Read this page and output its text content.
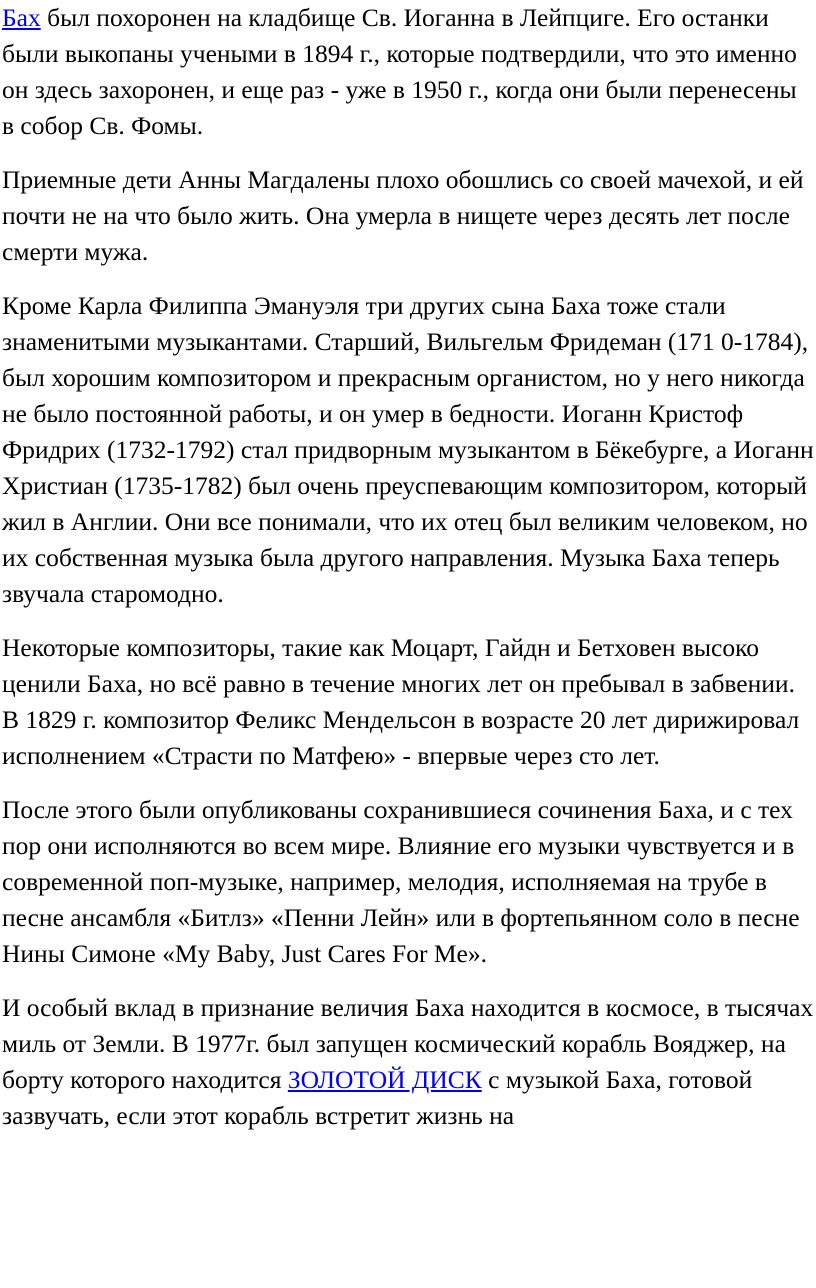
Бах был похоронен на кладбище Св. Иоганна в Лейпциге. Его останки были выкопаны учеными в 1894 г., которые подтвердили, что это именно он здесь захоронен, и еще раз - уже в 1950 г., когда они были перенесены в собор Св. Фомы.

Приемные дети Анны Магдалены плохо обошлись со своей мачехой, и ей почти не на что было жить. Она умерла в нищете через десять лет после смерти мужа.

Кроме Карла Филиппа Эмануэля три других сына Баха тоже стали знаменитыми музыкантами. Старший, Вильгельм Фридеман (171 0-1784), был хорошим композитором и прекрасным органистом, но у него никогда не было постоянной работы, и он умер в бедности. Иоганн Кристоф Фридрих (1732-1792) стал придворным музыкантом в Бёкебурге, а Иоганн Христиан (1735-1782) был очень преуспевающим композитором, который жил в Англии. Они все понимали, что их отец был великим человеком, но их собственная музыка была другого направления. Музыка Баха теперь звучала старомодно.

Некоторые композиторы, такие как Моцарт, Гайдн и Бетховен высоко ценили Баха, но всё равно в течение многих лет он пребывал в забвении. В 1829 г. композитор Феликс Мендельсон в возрасте 20 лет дирижировал исполнением «Страсти по Матфею» - впервые через сто лет.

После этого были опубликованы сохранившиеся сочинения Баха, и с тех пор они исполняются во всем мире. Влияние его музыки чувствуется и в современной поп-музыке, например, мелодия, исполняемая на трубе в песне ансамбля «Битлз» «Пенни Лейн» или в фортепьянном соло в песне Нины Симоне «My Baby, Just Cares For Me».

И особый вклад в признание величия Баха находится в космосе, в тысячах миль от Земли. В 1977г. был запущен космический корабль Вояджер, на борту которого находится ЗОЛОТОЙ ДИСК с музыкой Баха, готовой зазвучать, если этот корабль встретит жизнь на
